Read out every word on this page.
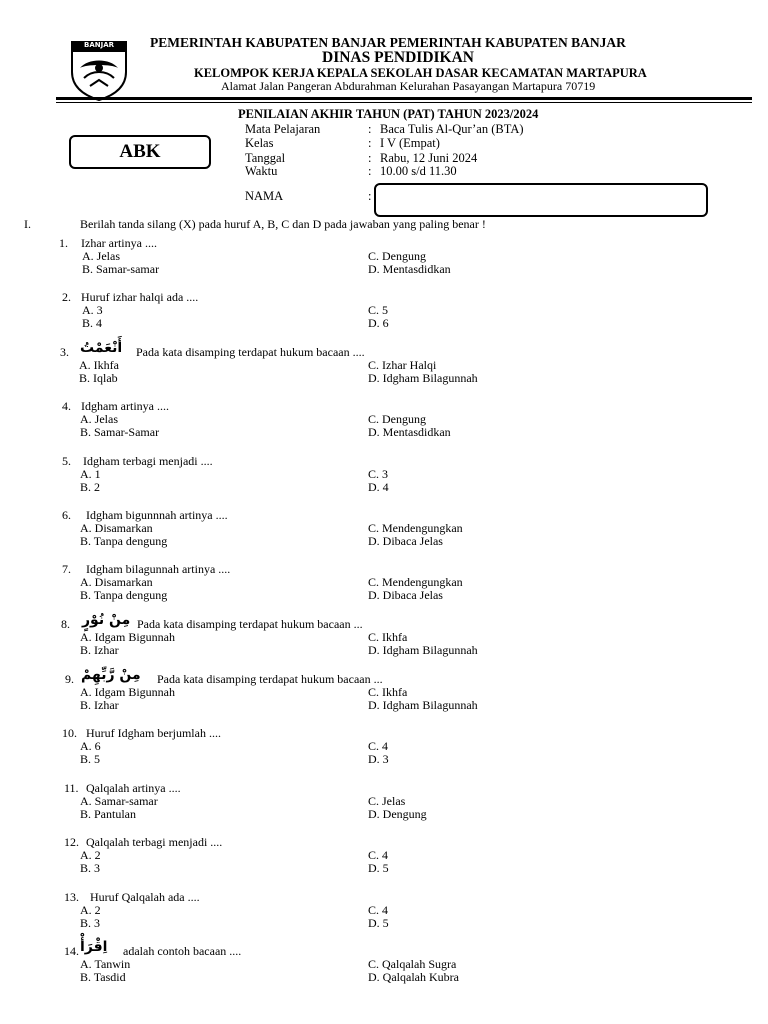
BANJAR	PEMERINTAH KABUPATEN BANJAR PEMERINTAH KABUPATEN BANJAR
DINAS PENDIDIKAN
KELOMPOK KERJA KEPALA SEKOLAH DASAR KECAMATAN MARTAPURA
Alamat Jalan Pangeran Abdurahman Kelurahan Pasayangan Martapura 70719
PENILAIAN AKHIR TAHUN (PAT) TAHUN 2023/2024
ABK
Mata Pelajaran	: Baca Tulis Al-Qur’an (BTA)
Kelas	: I V (Empat)
Tanggal	: Rabu, 12 Juni 2024
Waktu	: 10.00 s/d 11.30
NAMA	:
I.	Berilah tanda silang (X) pada huruf A, B, C dan D pada jawaban yang paling benar !
1. Izhar artinya ....
A. Jelas
B. Samar-samar
C. Dengung
D. Mentasdidkan
2. Huruf izhar halqi ada ....
A. 3
B. 4
C. 5
D. 6
3. أَنْعَمْتُ Pada kata disamping terdapat hukum bacaan ....
A. Ikhfa
B. Iqlab
C. Izhar Halqi
D. Idgham Bilagunnah
4. Idgham artinya ....
A. Jelas
B. Samar-Samar
C. Dengung
D. Mentasdidkan
5. Idgham terbagi menjadi ....
A. 1
B. 2
C. 3
D. 4
6. Idgham bigunnnah artinya ....
A. Disamarkan
B. Tanpa dengung
C. Mendengungkan
D. Dibaca Jelas
7. Idgham bilagunnah artinya ....
A. Disamarkan
B. Tanpa dengung
C. Mendengungkan
D. Dibaca Jelas
8. مِنْ نُوْرٍ Pada kata disamping terdapat hukum bacaan ...
A. Idgam Bigunnah
B. Izhar
C. Ikhfa
D. Idgham Bilagunnah
9. مِنْ رَّبِّهِمْ Pada kata disamping terdapat hukum bacaan ...
A. Idgam Bigunnah
B. Izhar
C. Ikhfa
D. Idgham Bilagunnah
10. Huruf Idgham berjumlah ....
A. 6
B. 5
C. 4
D. 3
11. Qalqalah artinya ....
A. Samar-samar
B. Pantulan
C. Jelas
D. Dengung
12. Qalqalah terbagi menjadi ....
A. 2
B. 3
C. 4
D. 5
13. Huruf Qalqalah ada ....
A. 2
B. 3
C. 4
D. 5
14. اِقْرَأْ adalah contoh bacaan ....
A. Tanwin
B. Tasdid
C. Qalqalah Sugra
D. Qalqalah Kubra
